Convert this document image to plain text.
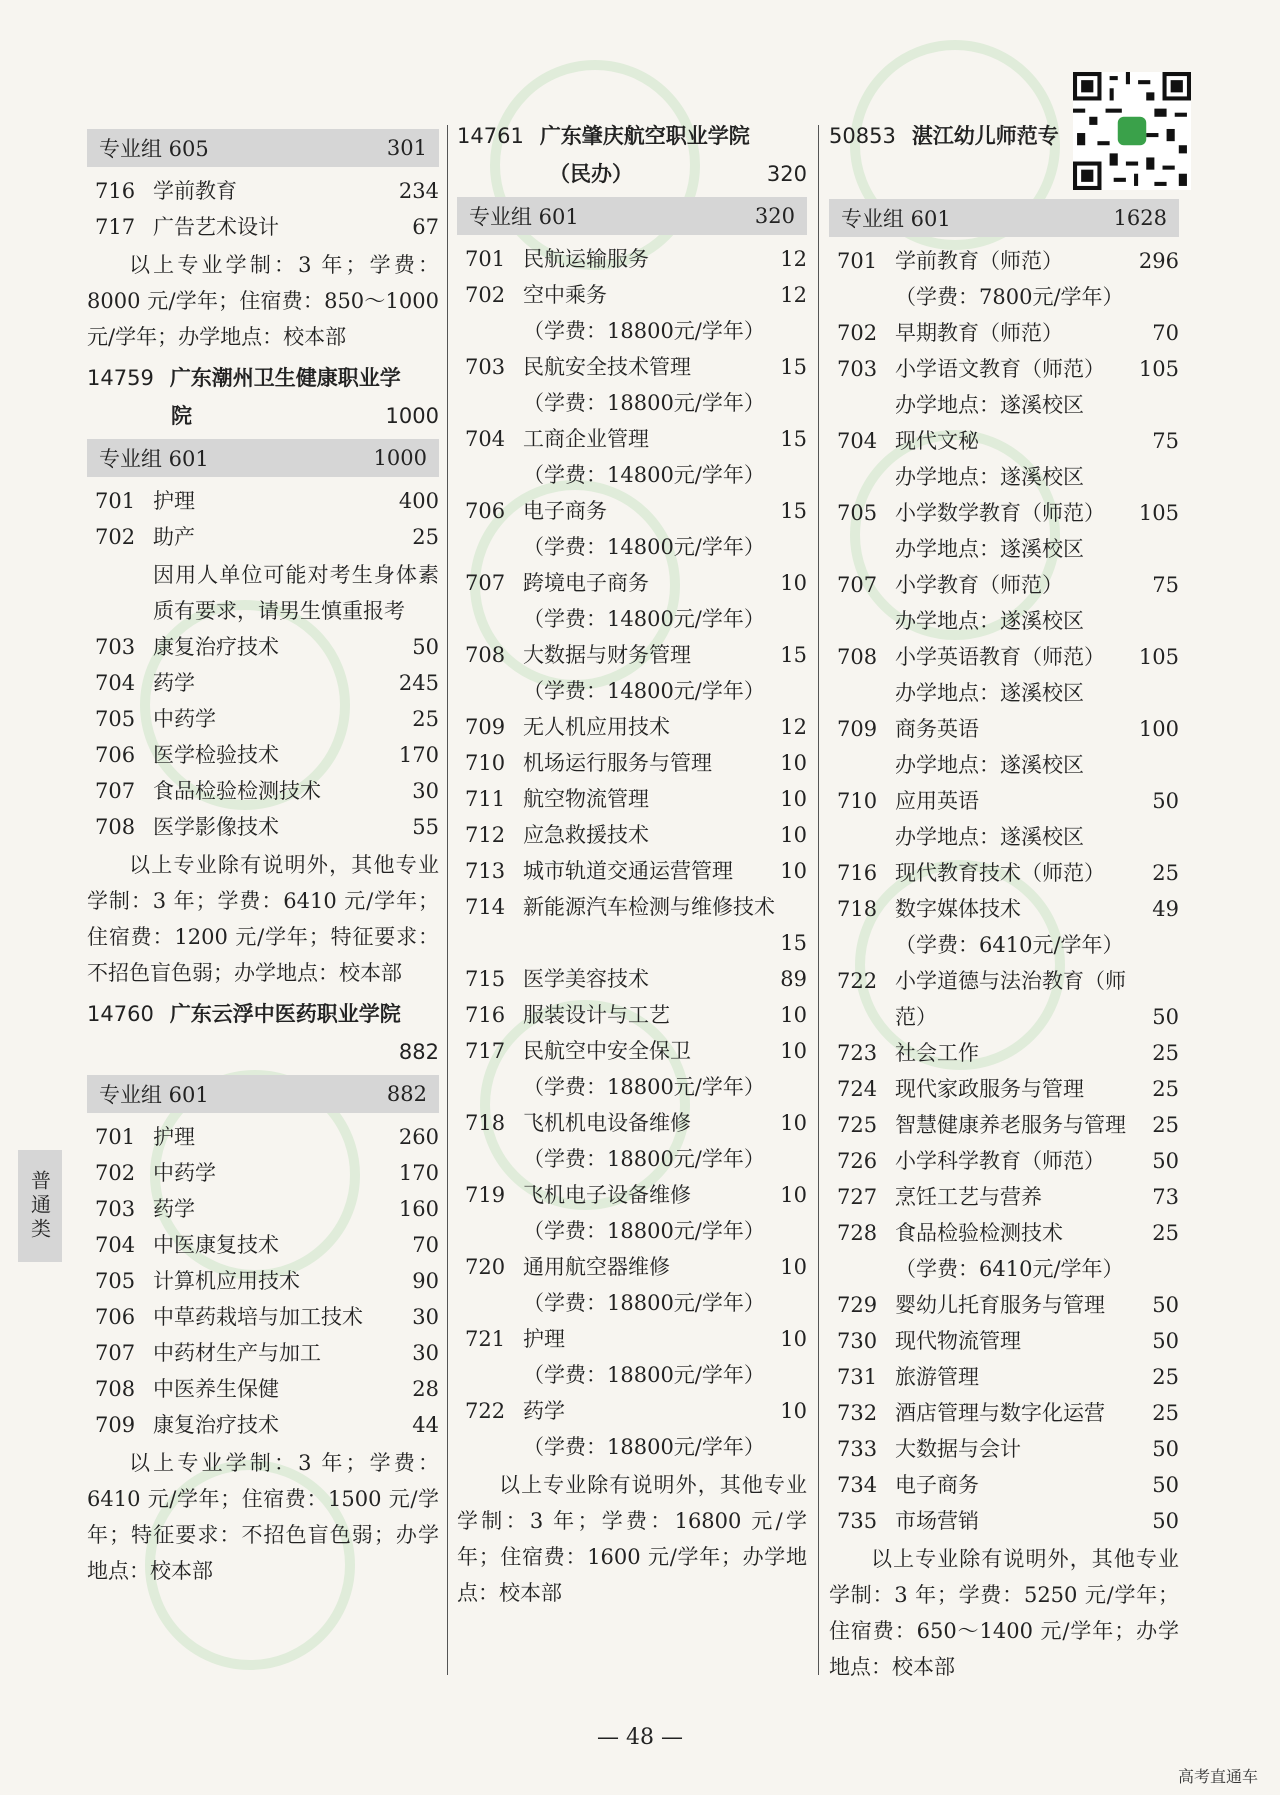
专业组 605	301
716 学前教育	234
717 广告艺术设计	67
以上专业学制：3 年；学费：8000 元/学年；住宿费：850～1000 元/学年；办学地点：校本部
14759 广东潮州卫生健康职业学
院	1000
专业组 601	1000
701 护理	400
702 助产	25
因用人单位可能对考生身体素质有要求，请男生慎重报考
703 康复治疗技术	50
704 药学	245
705 中药学	25
706 医学检验技术	170
707 食品检验检测技术	30
708 医学影像技术	55
以上专业除有说明外，其他专业学制：3 年；学费：6410 元/学年；住宿费：1200 元/学年；特征要求：不招色盲色弱；办学地点：校本部
14760 广东云浮中医药职业学院
882
专业组 601	882
701 护理	260
702 中药学	170
703 药学	160
704 中医康复技术	70
705 计算机应用技术	90
706 中草药栽培与加工技术	30
707 中药材生产与加工	30
708 中医养生保健	28
709 康复治疗技术	44
以上专业学制：3 年；学费：6410 元/学年；住宿费：1500 元/学年；特征要求：不招色盲色弱；办学地点：校本部
14761 广东肇庆航空职业学院
（民办）	320
专业组 601	320
701 民航运输服务	12
702 空中乘务	12
（学费：18800元/学年）
703 民航安全技术管理	15
（学费：18800元/学年）
704 工商企业管理	15
（学费：14800元/学年）
706 电子商务	15
（学费：14800元/学年）
707 跨境电子商务	10
（学费：14800元/学年）
708 大数据与财务管理	15
（学费：14800元/学年）
709 无人机应用技术	12
710 机场运行服务与管理	10
711 航空物流管理	10
712 应急救援技术	10
713 城市轨道交通运营管理	10
714 新能源汽车检测与维修技术
15
715 医学美容技术	89
716 服装设计与工艺	10
717 民航空中安全保卫	10
（学费：18800元/学年）
718 飞机机电设备维修	10
（学费：18800元/学年）
719 飞机电子设备维修	10
（学费：18800元/学年）
720 通用航空器维修	10
（学费：18800元/学年）
721 护理	10
（学费：18800元/学年）
722 药学	10
（学费：18800元/学年）
以上专业除有说明外，其他专业学制：3 年；学费：16800 元/学年；住宿费：1600 元/学年；办学地点：校本部
50853 湛江幼儿师范专
专业组 601	1628
701 学前教育（师范）	296
（学费：7800元/学年）
702 早期教育（师范）	70
703 小学语文教育（师范）	105
办学地点：遂溪校区
704 现代文秘	75
办学地点：遂溪校区
705 小学数学教育（师范）	105
办学地点：遂溪校区
707 小学教育（师范）	75
办学地点：遂溪校区
708 小学英语教育（师范）	105
办学地点：遂溪校区
709 商务英语	100
办学地点：遂溪校区
710 应用英语	50
办学地点：遂溪校区
716 现代教育技术（师范）	25
718 数字媒体技术	49
（学费：6410元/学年）
722 小学道德与法治教育（师
范）	50
723 社会工作	25
724 现代家政服务与管理	25
725 智慧健康养老服务与管理	25
726 小学科学教育（师范）	50
727 烹饪工艺与营养	73
728 食品检验检测技术	25
（学费：6410元/学年）
729 婴幼儿托育服务与管理	50
730 现代物流管理	50
731 旅游管理	25
732 酒店管理与数字化运营	25
733 大数据与会计	50
734 电子商务	50
735 市场营销	50
以上专业除有说明外，其他专业学制：3 年；学费：5250 元/学年；住宿费：650～1400 元/学年；办学地点：校本部
普通类
— 48 —
高考直通车
